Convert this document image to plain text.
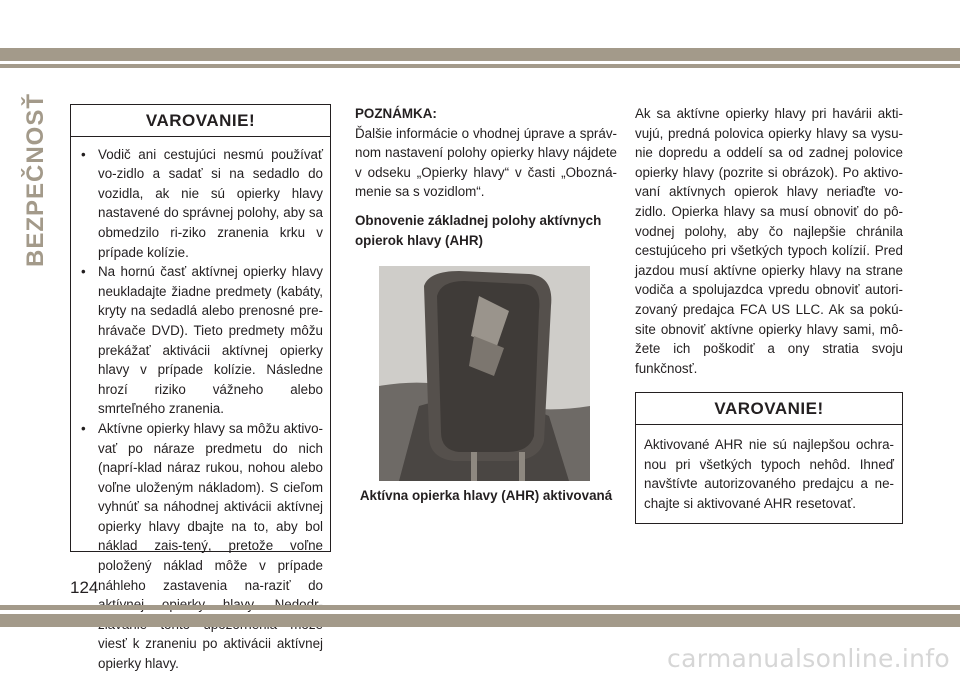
BEZPEČNOSŤ	VAROVANIE!
• Vodič ani cestujúci nesmú používať vo-zidlo a sadať si na sedadlo do vozidla, ak nie sú opierky hlavy nastavené do správnej polohy, aby sa obmedzilo ri-ziko zranenia krku v prípade kolízie.
• Na hornú časť aktívnej opierky hlavy neukladajte žiadne predmety (kabáty, kryty na sedadlá alebo prenosné pre-hrávače DVD). Tieto predmety môžu prekážať aktivácii aktívnej opierky hlavy v prípade kolízie. Následne hrozí riziko vážneho alebo smrteľného zranenia.
• Aktívne opierky hlavy sa môžu aktivo-vať po náraze predmetu do nich (naprí-klad náraz rukou, nohou alebo voľne uloženým nákladom). S cieľom vyhnúť sa náhodnej aktivácii aktívnej opierky hlavy dbajte na to, aby bol náklad zais-tený, pretože voľne položený náklad môže v prípade náhleho zastavenia na-raziť do viesť k zraneniu po aktivácii aktívnej opierky hlavy.

POZNÁMKA:

Ďalšie informácie o vhodnej úprave a správ-nom nastavení polohy opierky hlavy nájdete v odseku „Opierky hlavy“ v časti „Obozná-menie sa s vozidlom“.

Obnovenie základnej polohy aktívnych opierok hlavy (AHR)

Aktívna opierka hlavy (AHR) aktivovaná

Ak sa aktívne opierky hlavy pri havárii akti-vujú, predná polovica opierky hlavy sa vysu-nie dopredu a oddelí sa od zadnej polovice opierky hlavy (pozrite si obrázok). Po aktivo-vaní aktívnych opierok hlavy neriaďte vo-zidlo. Opierka hlavy sa musí obnoviť do pô-vodnej polohy, aby čo najlepšie chránila cestujúceho pri všetkých typoch kolízií. Pred jazdou musí aktívne opierky hlavy na strane vodiča a spolujazdca vpredu obnoviť autori-zovaný predajca FCA US LLC. Ak sa pokú-site obnoviť aktívne opierky hlavy sami, mô-žete ich poškodiť a ony stratia svoju funkčnosť.

VAROVANIE!
Aktivované AHR nie sú najlepšou ochra-nou pri všetkých typoch nehôd. Ihneď navštívte autorizovaného predajcu a ne-chajte si aktivované AHR resetovať.
124
carmanualsonline.info
